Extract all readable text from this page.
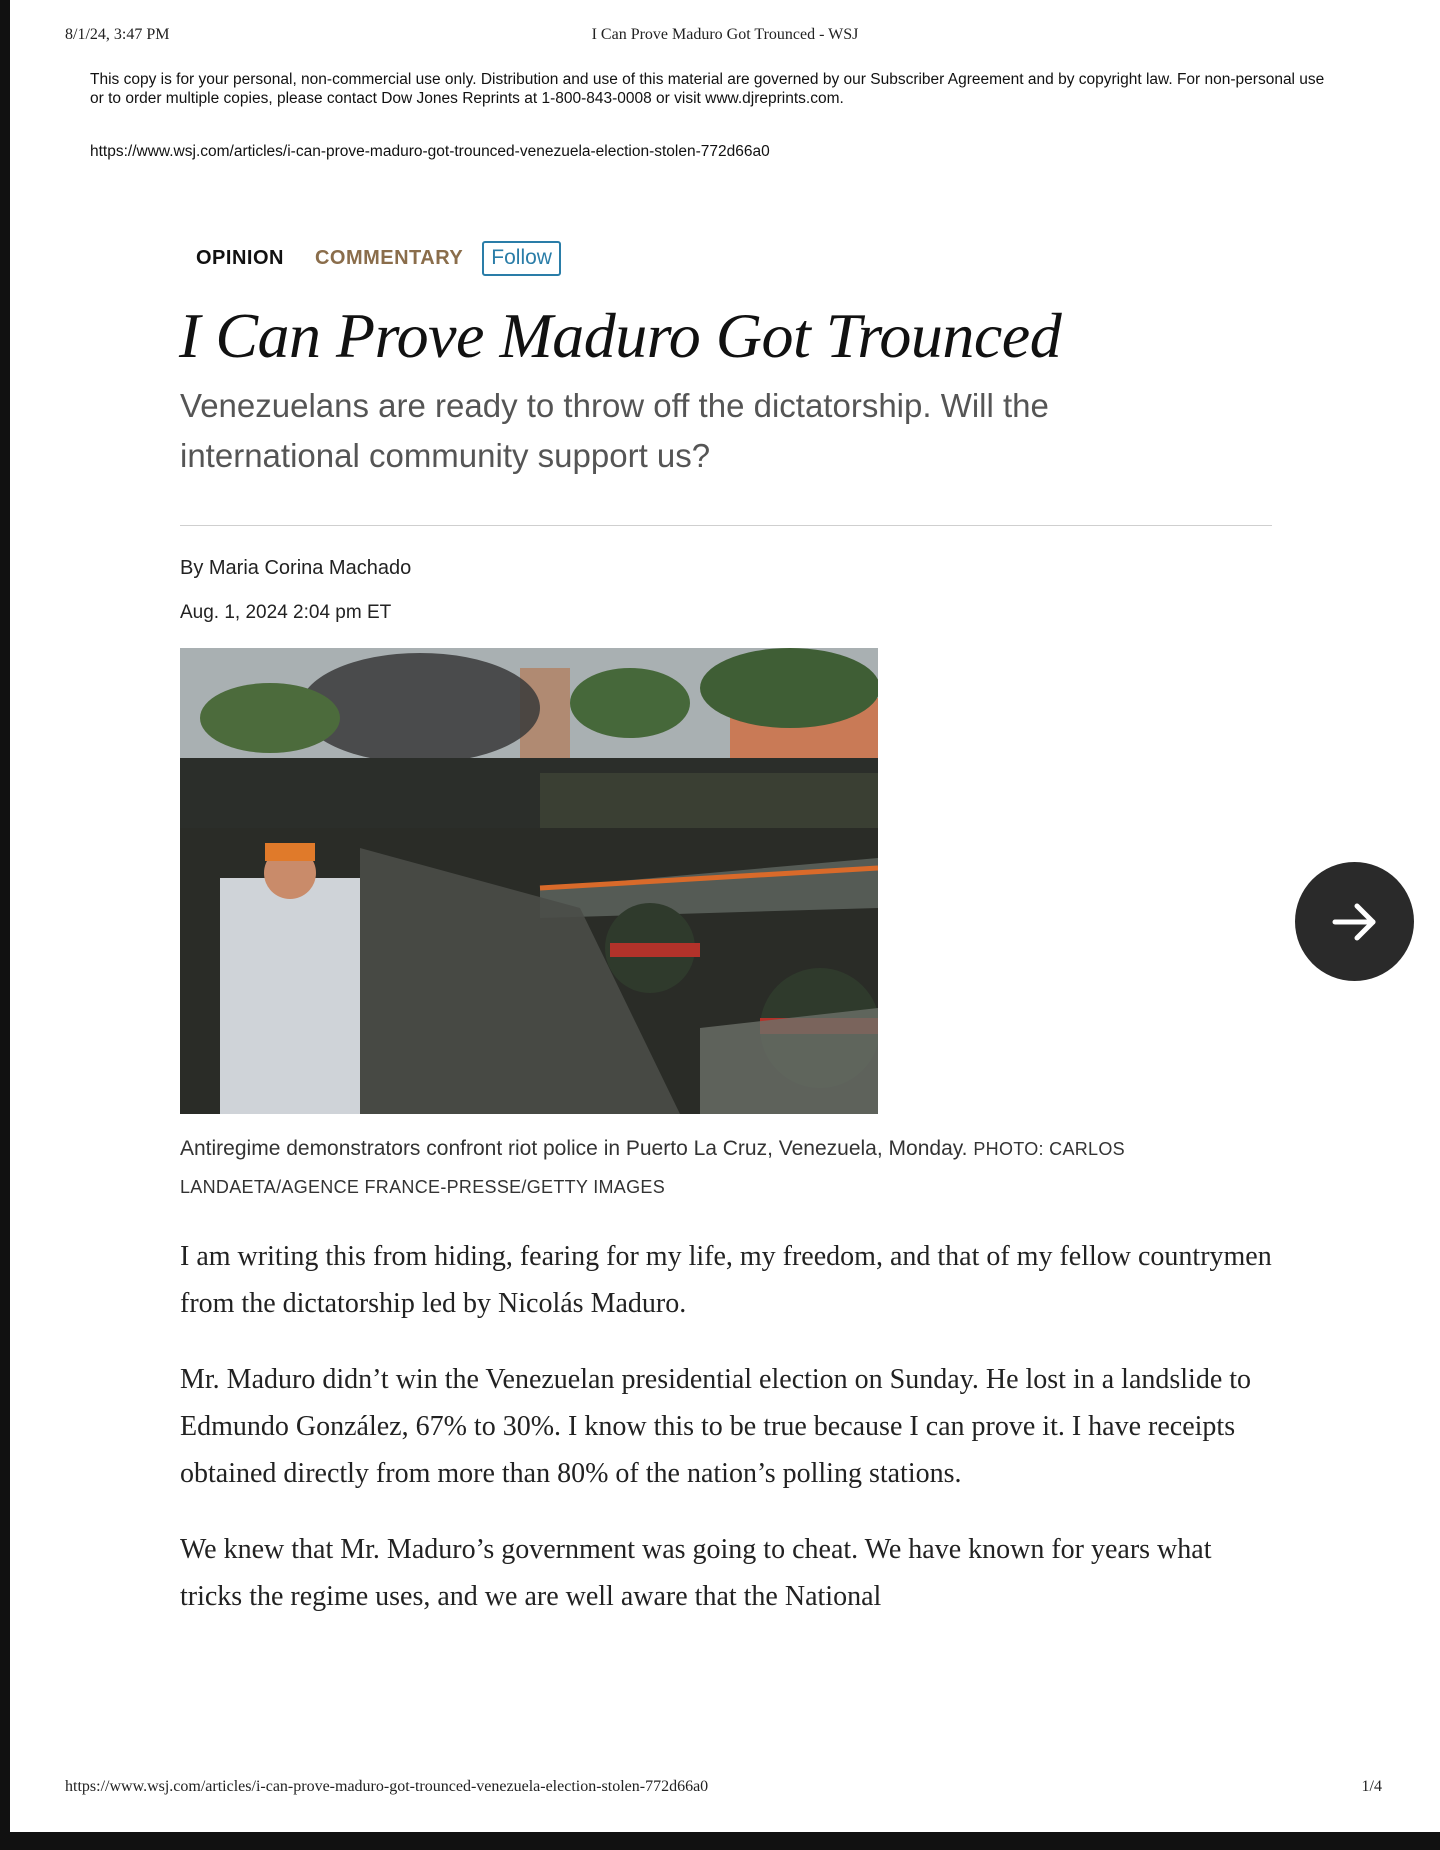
8/1/24, 3:47 PM	I Can Prove Maduro Got Trounced - WSJ
This copy is for your personal, non-commercial use only. Distribution and use of this material are governed by our Subscriber Agreement and by copyright law. For non-personal use or to order multiple copies, please contact Dow Jones Reprints at 1-800-843-0008 or visit www.djreprints.com.
https://www.wsj.com/articles/i-can-prove-maduro-got-trounced-venezuela-election-stolen-772d66a0
OPINION COMMENTARY	Follow
I Can Prove Maduro Got Trounced
Venezuelans are ready to throw off the dictatorship. Will the international community support us?
By Maria Corina Machado
Aug. 1, 2024 2:04 pm ET
Antiregime demonstrators confront riot police in Puerto La Cruz, Venezuela, Monday. PHOTO: CARLOS LANDAETA/AGENCE FRANCE-PRESSE/GETTY IMAGES

I am writing this from hiding, fearing for my life, my freedom, and that of my fellow countrymen from the dictatorship led by Nicolás Maduro.

Mr. Maduro didn’t win the Venezuelan presidential election on Sunday. He lost in a landslide to Edmundo González, 67% to 30%. I know this to be true because I can prove it. I have receipts obtained directly from more than 80% of the nation’s polling stations.

We knew that Mr. Maduro’s government was going to cheat. We have known for years what tricks the regime uses, and we are well aware that the National

https://www.wsj.com/articles/i-can-prove-maduro-got-trounced-venezuela-election-stolen-772d66a0	1/4
